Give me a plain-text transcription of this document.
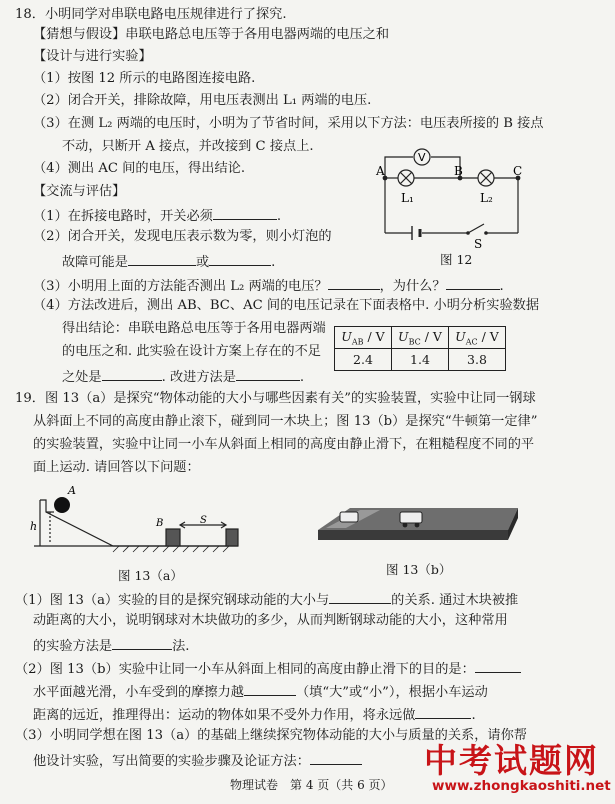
18．小明同学对串联电路电压规律进行了探究.
【猜想与假设】串联电路总电压等于各用电器两端的电压之和
【设计与进行实验】
（1）按图 12 所示的电路图连接电路.
（2）闭合开关，排除故障，用电压表测出 L₁ 两端的电压.
（3）在测 L₂ 两端的电压时，小明为了节省时间，采用以下方法：电压表所接的 B 接点
不动，只断开 A 接点，并改接到 C 接点上.
（4）测出 AC 间的电压，得出结论.
【交流与评估】
（1）在拆接电路时，开关必须	.
（2）闭合开关，发现电压表示数为零，则小灯泡的
故障可能是	或	.
（3）小明用上面的方法能否测出 L₂ 两端的电压？	，为什么？	.
（4）方法改进后，测出 AB、BC、AC 间的电压记录在下面表格中. 小明分析实验数据
得出结论：串联电路总电压等于各用电器两端
的电压之和. 此实验在设计方案上存在的不足
之处是	. 改进方法是	.
V
A	B	C
L₁	L₂
S
图 12
$U_{AB}$ / V	$U_{BC}$ / V	$U_{AC}$ / V
2.4	1.4	3.8
19．图 13（a）是探究“物体动能的大小与哪些因素有关”的实验装置，实验中让同一钢球
从斜面上不同的高度由静止滚下，碰到同一木块上；图 13（b）是探究“牛顿第一定律”
的实验装置，实验中让同一小车从斜面上相同的高度由静止滑下，在粗糙程度不同的平
面上运动. 请回答以下问题：
A
h	B	S
图 13（a）	图 13（b）
（1）图 13（a）实验的目的是探究钢球动能的大小与	的关系. 通过木块被推
动距离的大小，说明钢球对木块做功的多少，从而判断钢球动能的大小，这种常用
的实验方法是	法.
（2）图 13（b）实验中让同一小车从斜面上相同的高度由静止滑下的目的是：
水平面越光滑，小车受到的摩擦力越	（填“大”或“小”），根据小车运动
距离的远近，推理得出：运动的物体如果不受外力作用，将永远做	.
（3）小明同学想在图 13（a）的基础上继续探究物体动能的大小与质量的关系，请你帮
他设计实验，写出简要的实验步骤及论证方法：
物理试卷　第 4 页（共 6 页）
中考试题网
www.zhongkaoshiti.net
